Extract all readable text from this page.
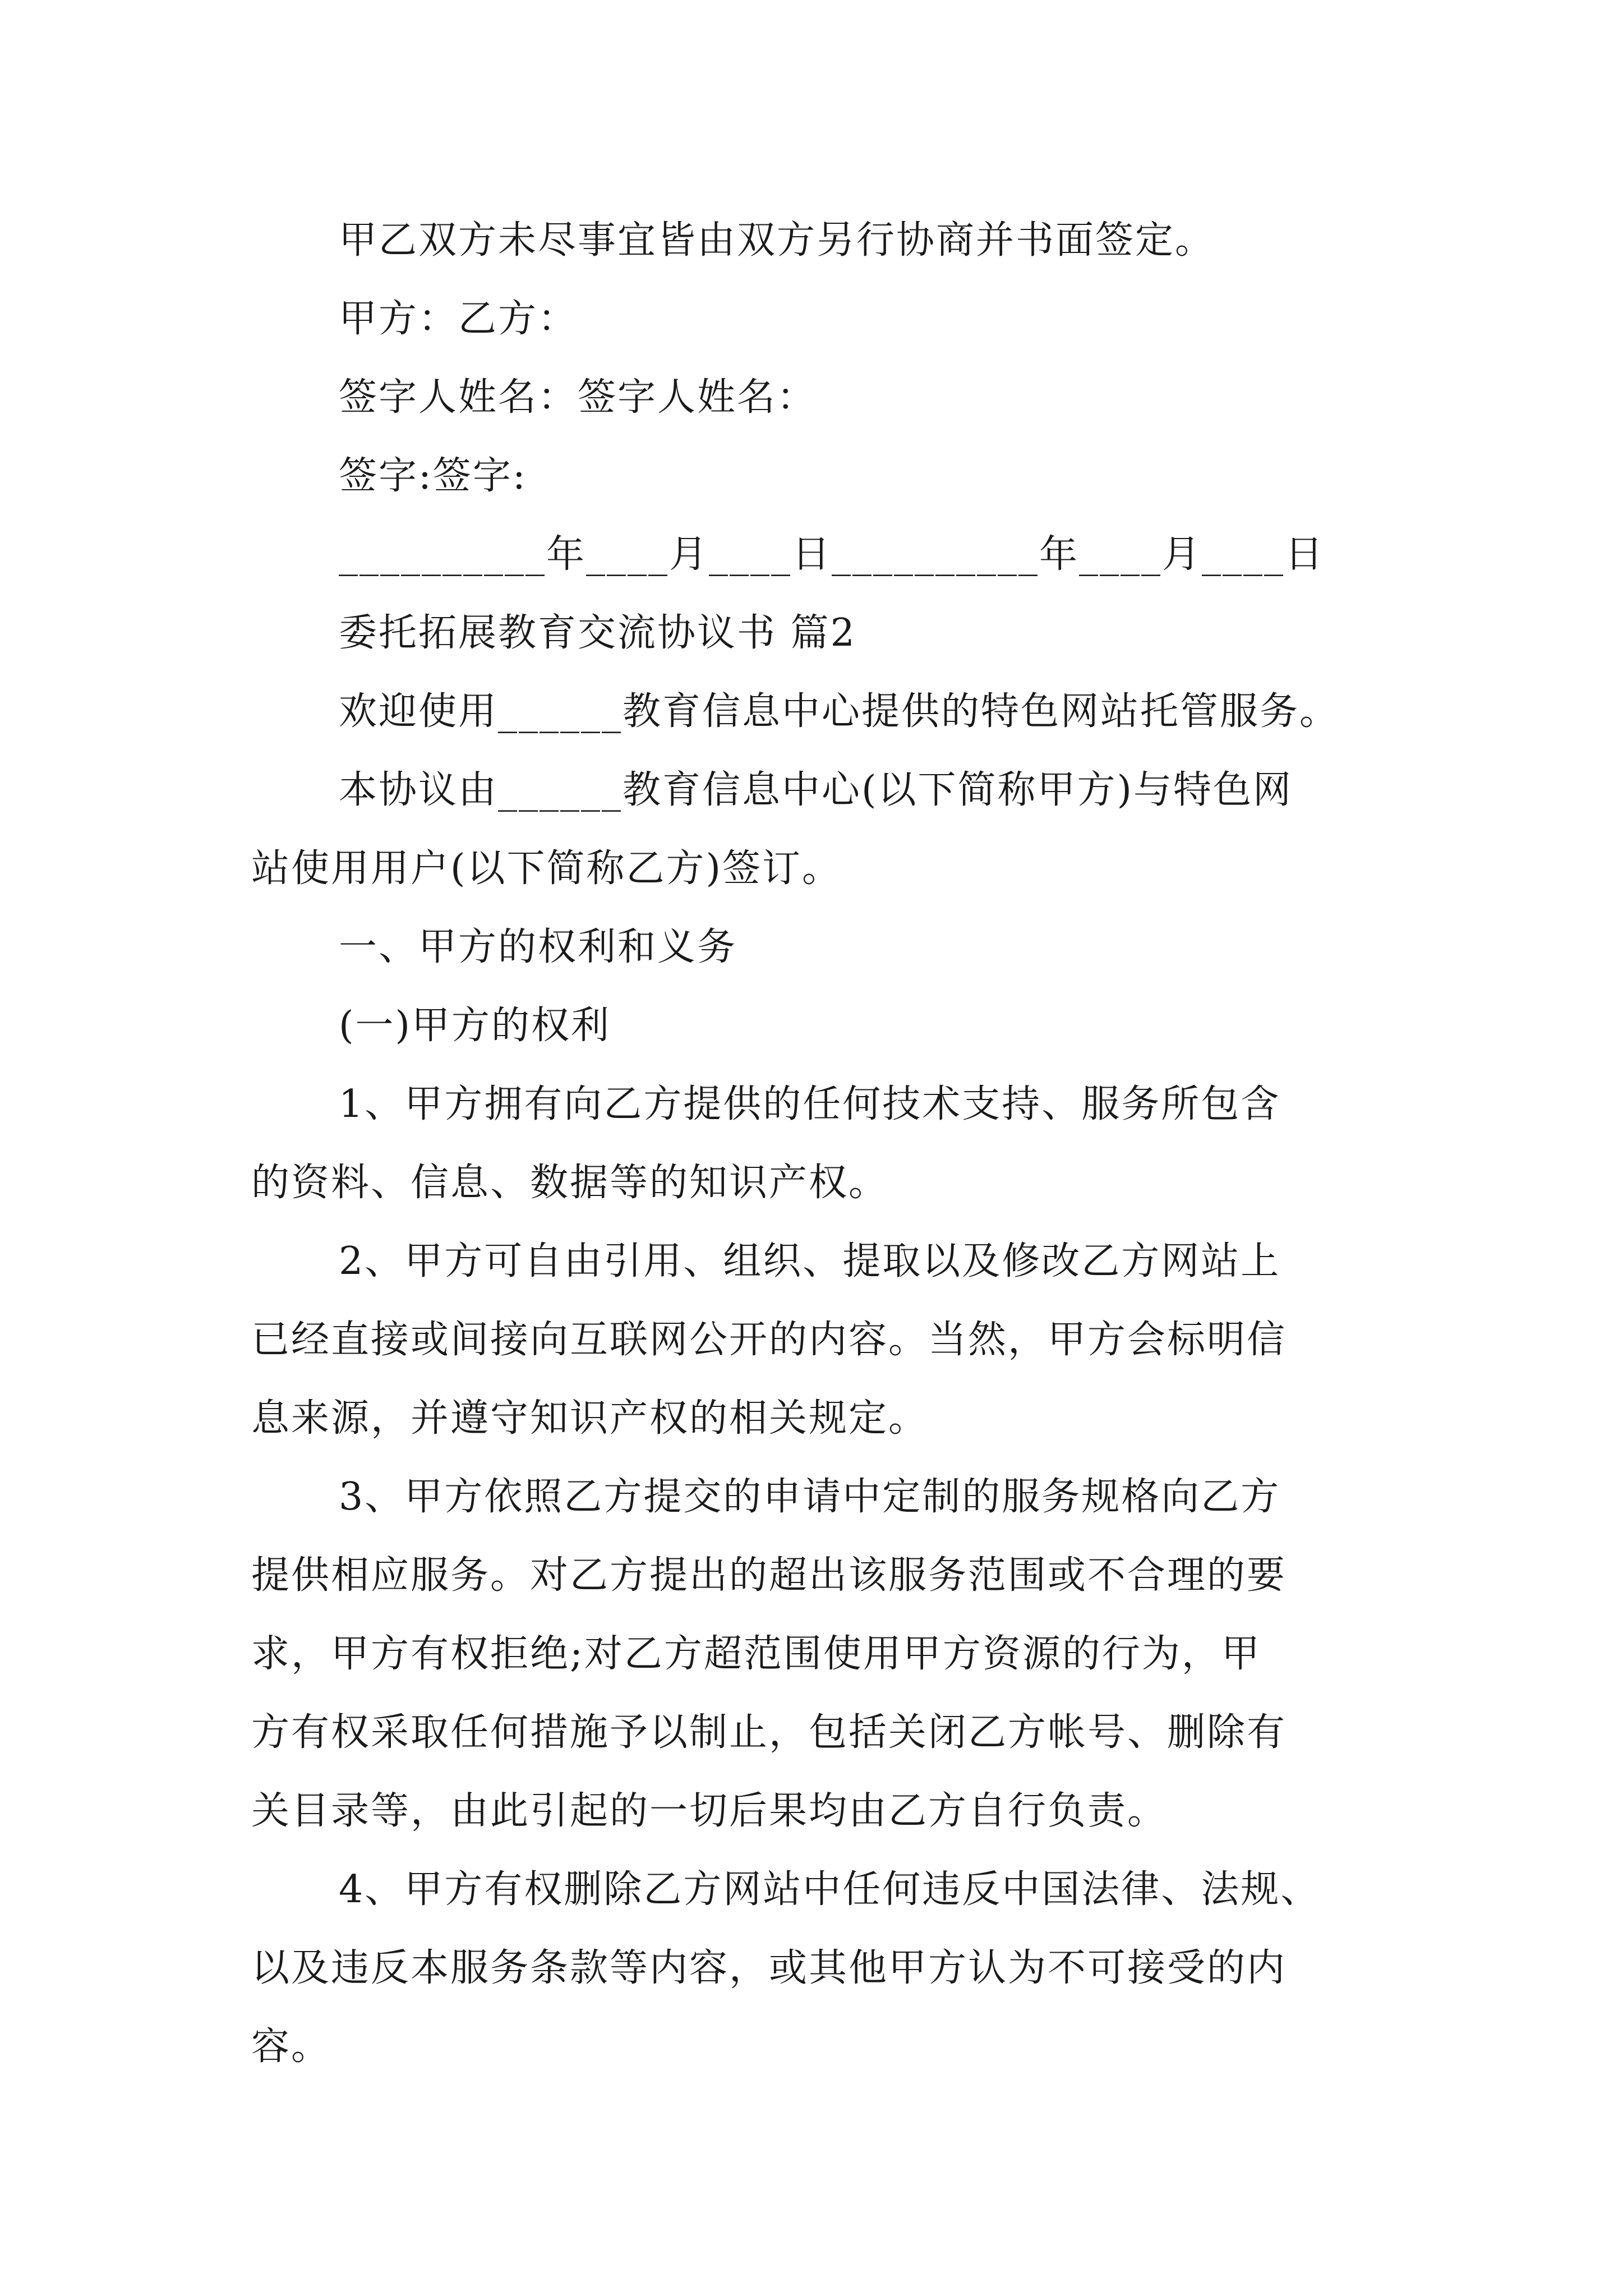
甲乙双方未尽事宜皆由双方另行协商并书面签定。
甲方：乙方：
签字人姓名：签字人姓名：
签字:签字:
__________年____月____日__________年____月____日
委托拓展教育交流协议书 篇2
欢迎使用______教育信息中心提供的特色网站托管服务。
本协议由______教育信息中心(以下简称甲方)与特色网
站使用用户(以下简称乙方)签订。
一、甲方的权利和义务
(一)甲方的权利
1、甲方拥有向乙方提供的任何技术支持、服务所包含
的资料、信息、数据等的知识产权。
2、甲方可自由引用、组织、提取以及修改乙方网站上
已经直接或间接向互联网公开的内容。当然，甲方会标明信
息来源，并遵守知识产权的相关规定。
3、甲方依照乙方提交的申请中定制的服务规格向乙方
提供相应服务。对乙方提出的超出该服务范围或不合理的要
求，甲方有权拒绝;对乙方超范围使用甲方资源的行为，甲
方有权采取任何措施予以制止，包括关闭乙方帐号、删除有
关目录等，由此引起的一切后果均由乙方自行负责。
4、甲方有权删除乙方网站中任何违反中国法律、法规、
以及违反本服务条款等内容，或其他甲方认为不可接受的内
容。
